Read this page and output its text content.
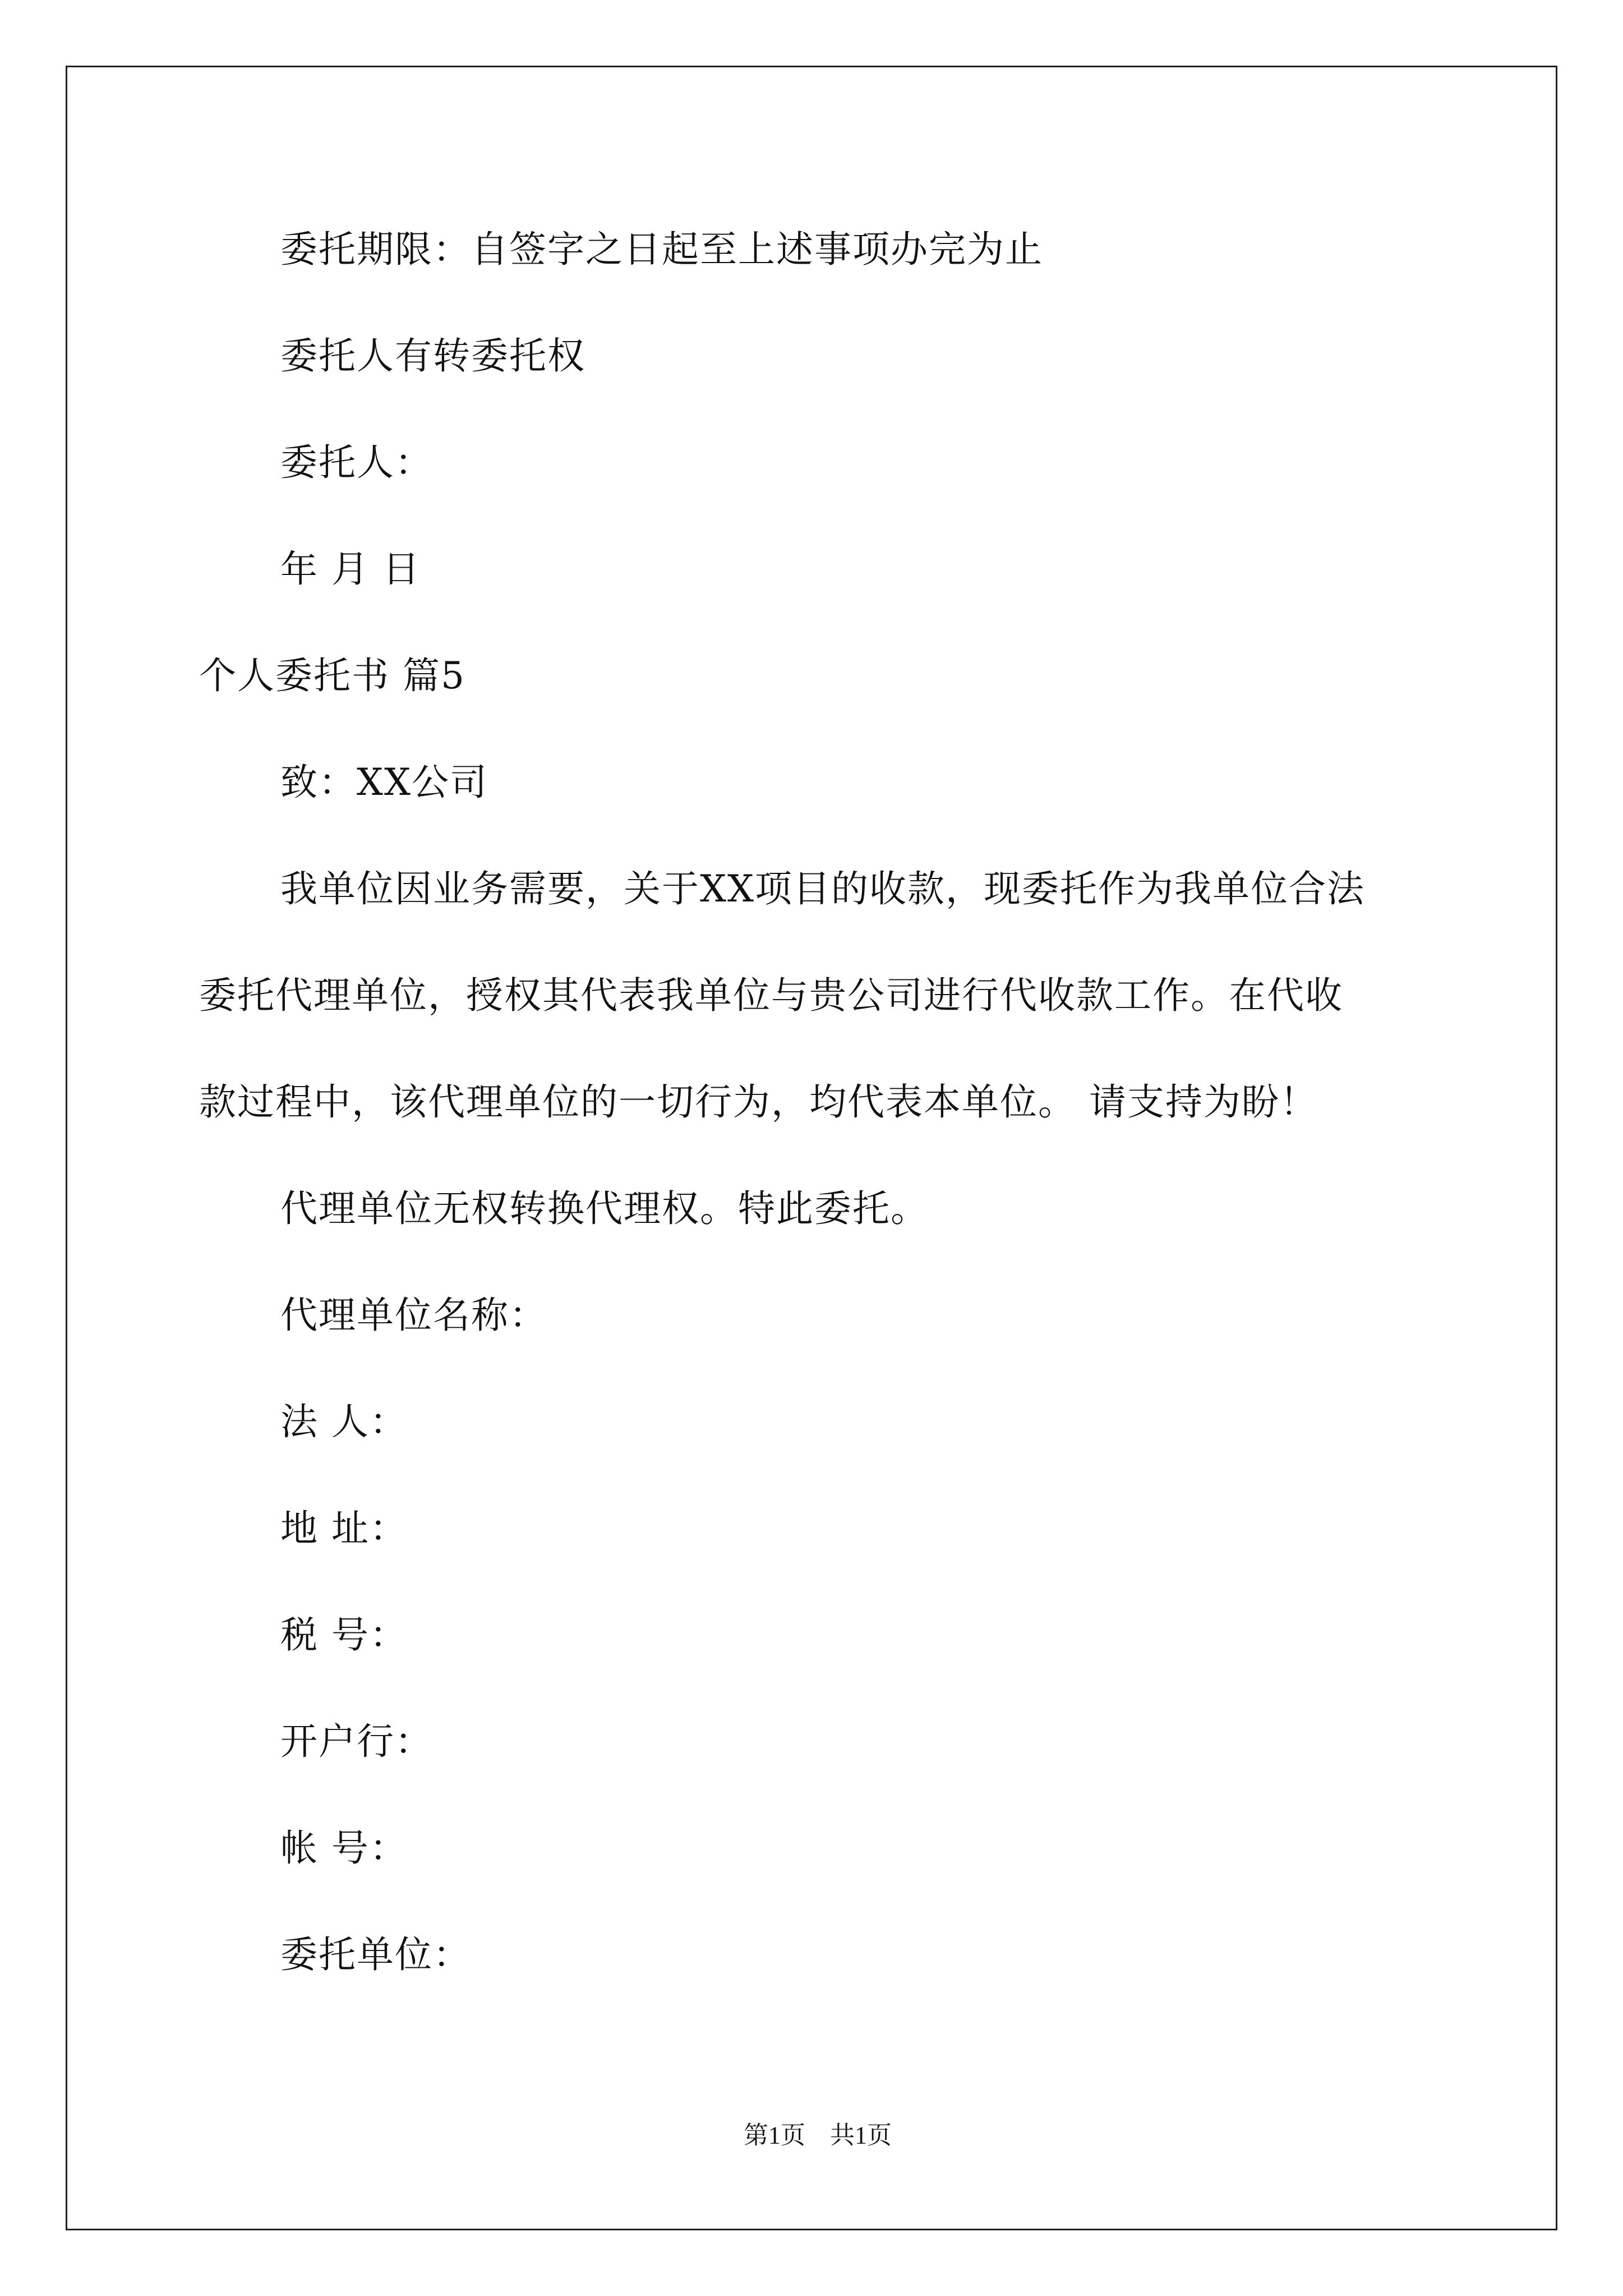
委托期限：自签字之日起至上述事项办完为止
委托人有转委托权
委托人：
年 月 日
个人委托书 篇5
致：XX公司
我单位因业务需要，关于XX项目的收款，现委托作为我单位合法
委托代理单位，授权其代表我单位与贵公司进行代收款工作。在代收
款过程中，该代理单位的一切行为，均代表本单位。 请支持为盼！
代理单位无权转换代理权。特此委托。
代理单位名称：
法 人：
地 址：
税 号：
开户行：
帐 号：
委托单位：

第1页 共1页
